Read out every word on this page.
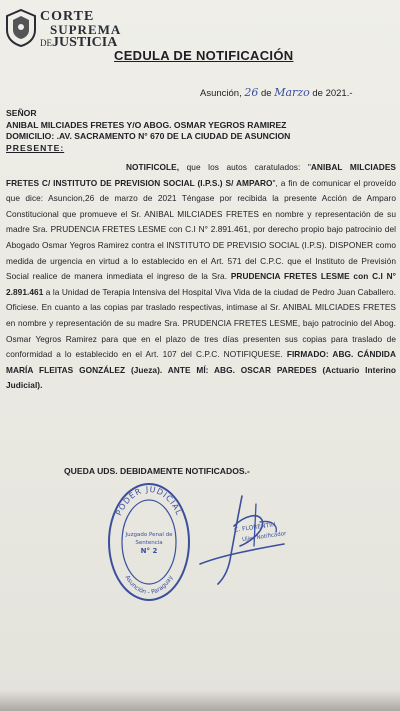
CORTE
SUPREMA
DEJUSTICIA
CEDULA DE NOTIFICACIÓN
Asunción, 26 de Marzo de 2021.-
SEÑOR
ANIBAL MILCIADES FRETES Y/O ABOG. OSMAR YEGROS RAMIREZ
DOMICILIO: .AV. SACRAMENTO N° 670 DE LA CIUDAD DE ASUNCION
PRESENTE:
NOTIFICOLE, que los autos caratulados: "ANIBAL MILCIADES FRETES C/ INSTITUTO DE PREVISION SOCIAL (I.P.S.) S/ AMPARO", a fin de comunicar el proveído que dice: Asuncion,26 de marzo de 2021 Téngase por recibida la presente Acción de Amparo Constitucional que promueve el Sr. ANIBAL MILCIADES FRETES en nombre y representación de su madre Sra. PRUDENCIA FRETES LESME con C.I N° 2.891.461, por derecho propio bajo patrocinio del Abogado Osmar Yegros Ramirez contra el INSTITUTO DE PREVISIO SOCIAL (I.P.S). DISPONER como medida de urgencia en virtud a lo establecido en el Art. 571 del C.P.C. que el Instituto de Previsión Social realice de manera inmediata el ingreso de la Sra. PRUDENCIA FRETES LESME con C.I N° 2.891.461 a la Unidad de Terapia Intensiva del Hospital Viva Vida de la ciudad de Pedro Juan Caballero. Oficiese. En cuanto a las copias par traslado respectivas, intimase al Sr. ANIBAL MILCIADES FRETES en nombre y representación de su madre Sra. PRUDENCIA FRETES LESME, bajo patrocinio del Abog. Osmar Yegros Ramirez para que en el plazo de tres días presenten sus copias para traslado de conformidad a lo establecido en el Art. 107 del C.P.C. NOTIFIQUESE. FIRMADO: ABG. CÁNDIDA MARÍA FLEITAS GONZÁLEZ (Jueza). ANTE MÍ: ABG. OSCAR PAREDES (Actuario Interino Judicial).
QUEDA UDS. DEBIDAMENTE NOTIFICADOS.-
PODER JUDICIAL
Asunción - Paraguay
Juzgado Penal de
Sentencia
N° 2
C. FLORENTIN
Ujier Notificador
